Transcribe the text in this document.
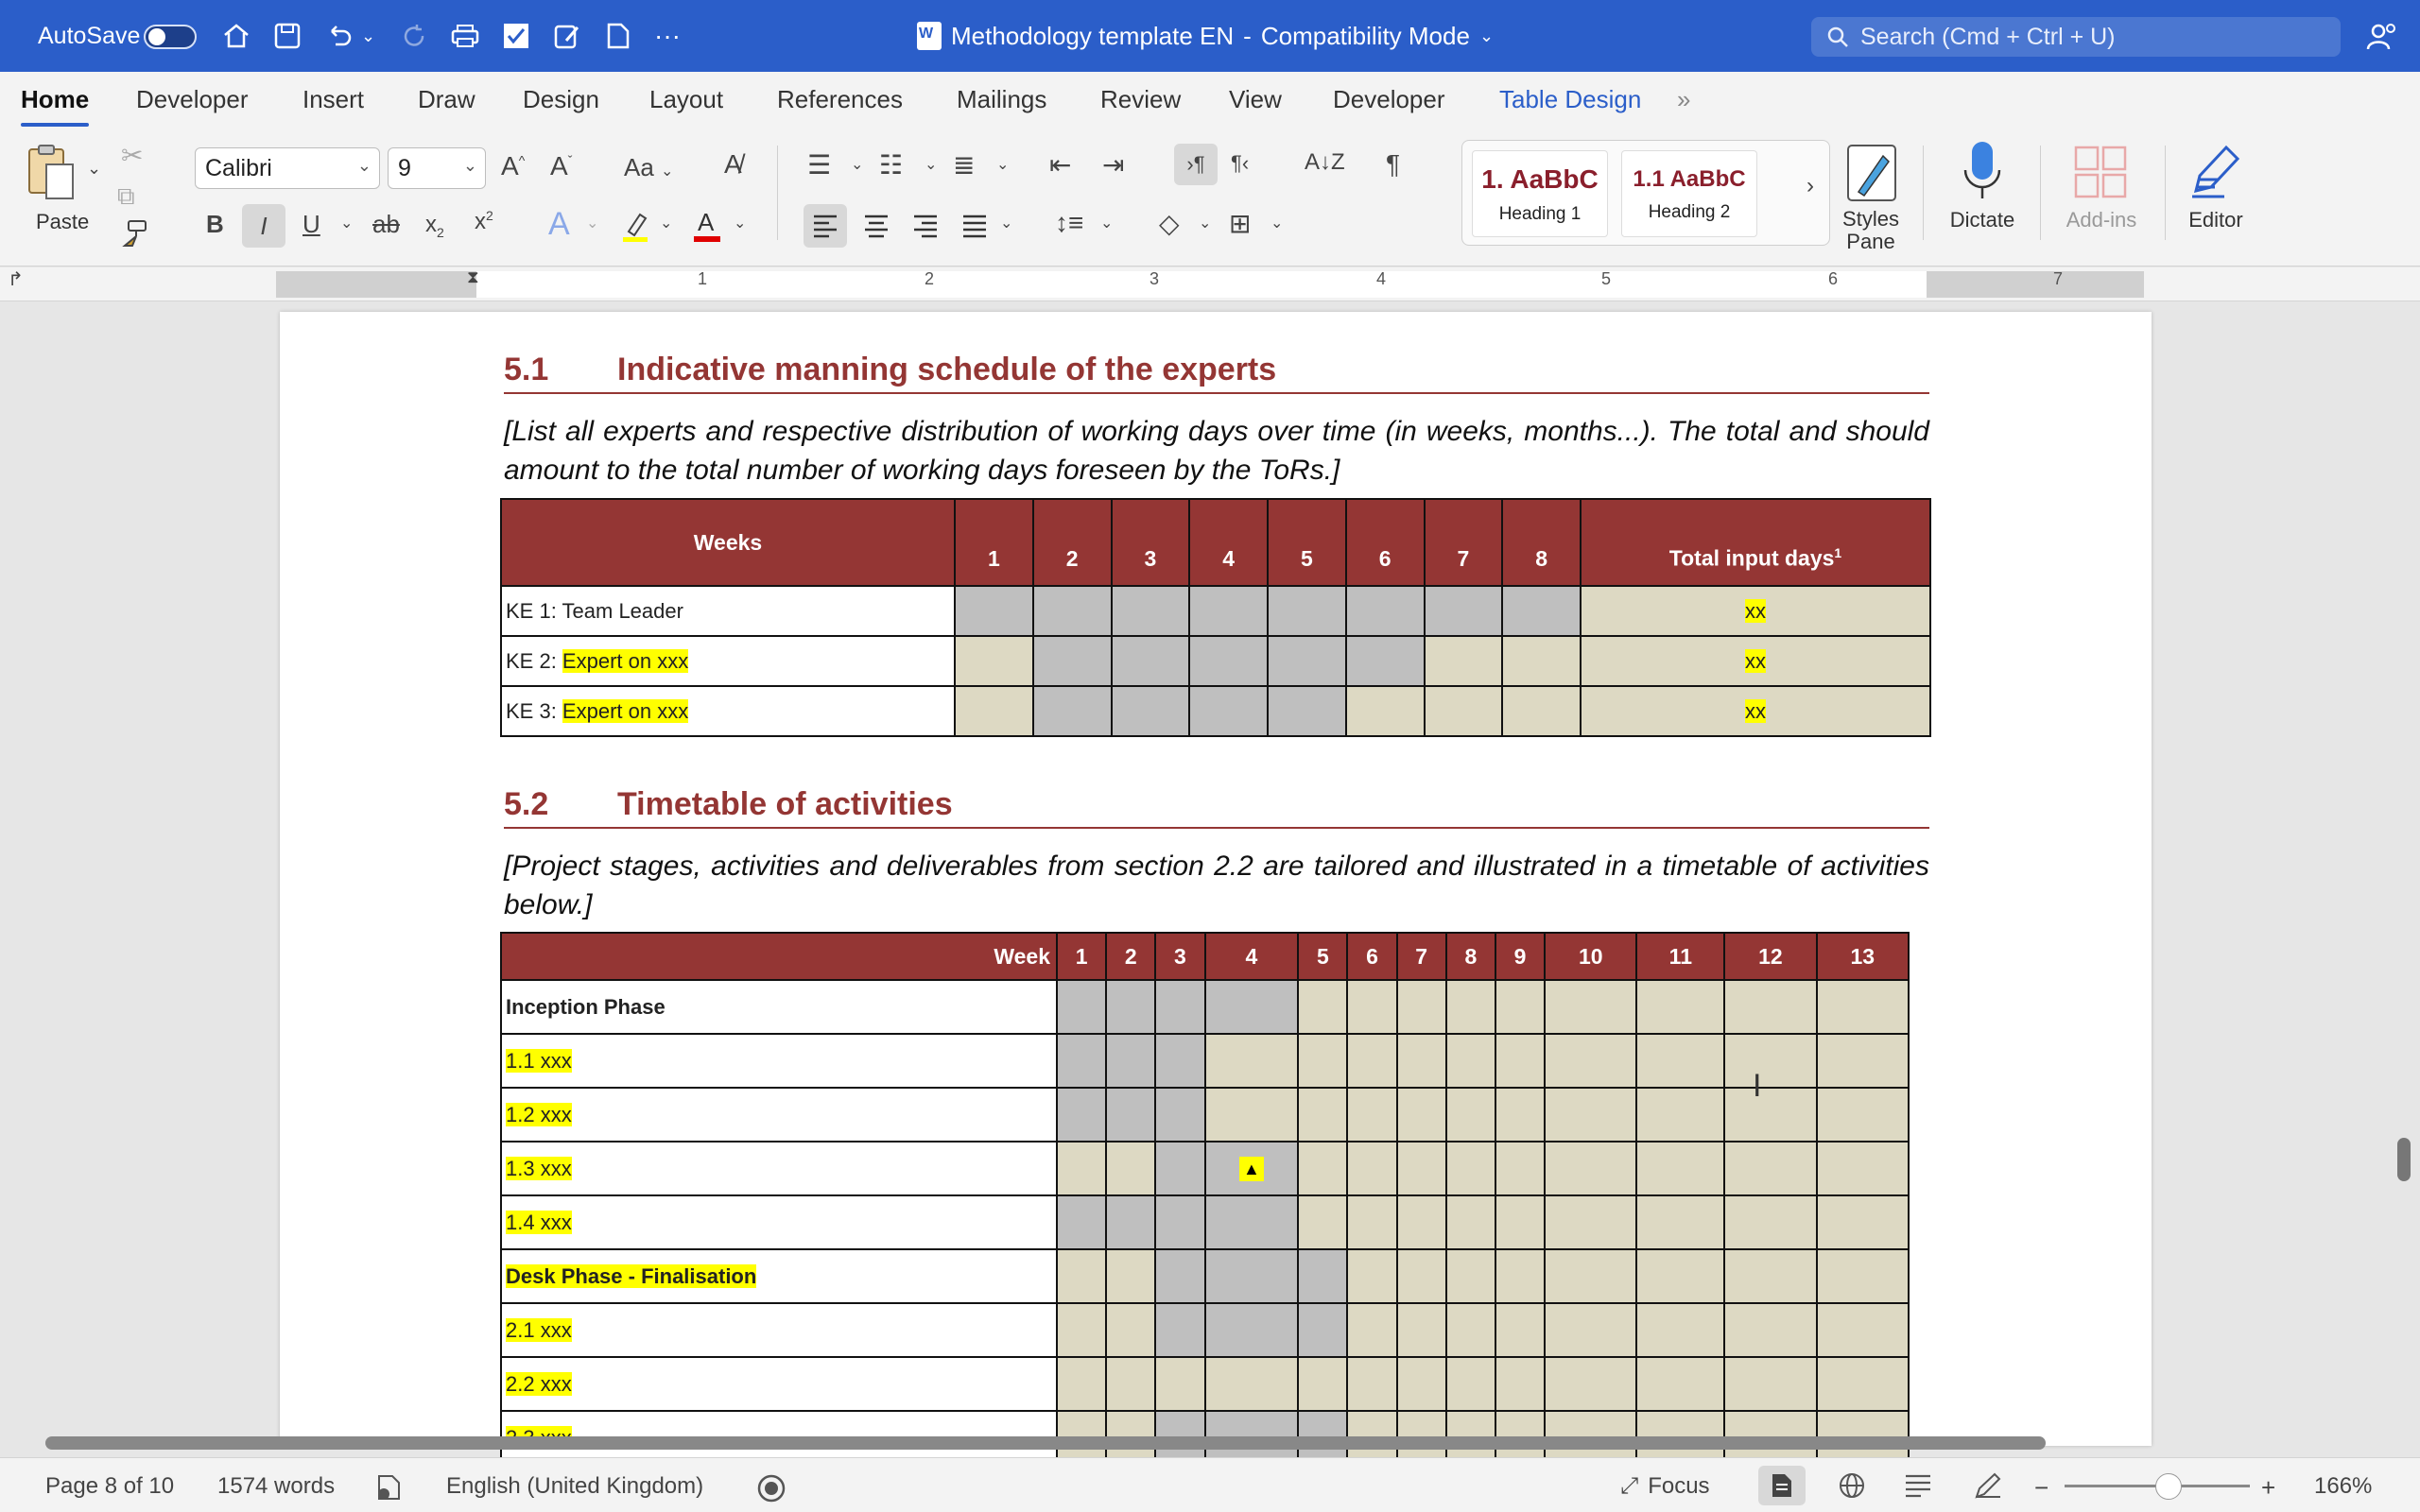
AutoSave	⌄	··· W	Methodology template EN - Compatibility Mode ⌄	Search (Cmd + Ctrl + U)
Home Developer Insert Draw Design Layout References Mailings Review View Developer Table Design »
⌄
Paste
✂
⧉
Calibri	⌄ 9	⌄ A^ $A^ˇ$ Aa ⌄ A̸
B	I	U ⌄ ab $x_2$ $x^2$ A ⌄	⌄ A ⌄
☰ ⌄ ☷ ⌄ ≣ ⌄ ⇤ ⇥	›¶	¶‹ A↓Z ¶
⌄ ↕≡ ⌄ ◇ ⌄ ⊞ ⌄
1. AaBbC
Heading 1
1.1 AaBbC
Heading 2
›
Styles
Pane
Dictate	Add-ins	Editor
↱	⧗	1	2	3	4	5	6	7
5.1 Indicative manning schedule of the experts
[List all experts and respective distribution of working days over time (in weeks, months...). The total and should amount to the total number of working days foreseen by the ToRs.]
Weeks	1	2	3	4	5	6	7	8	Total input days$^1$
KE 1: Team Leader									xx
KE 2: Expert on xxx									xx
KE 3: Expert on xxx									xx
5.2 Timetable of activities
[Project stages, activities and deliverables from section 2.2 are tailored and illustrated in a timetable of activities below.]
Week	1	2	3	4	5	6	7	8	9	10	11	12	13
Inception Phase													
1.1 xxx													
1.2 xxx													
1.3 xxx				▲									
1.4 xxx													
Desk Phase - Finalisation													
2.1 xxx													
2.2 xxx													

I
Page 8 of 10 1574 words	English (United Kingdom)	⤢ Focus	−	+ 166%
